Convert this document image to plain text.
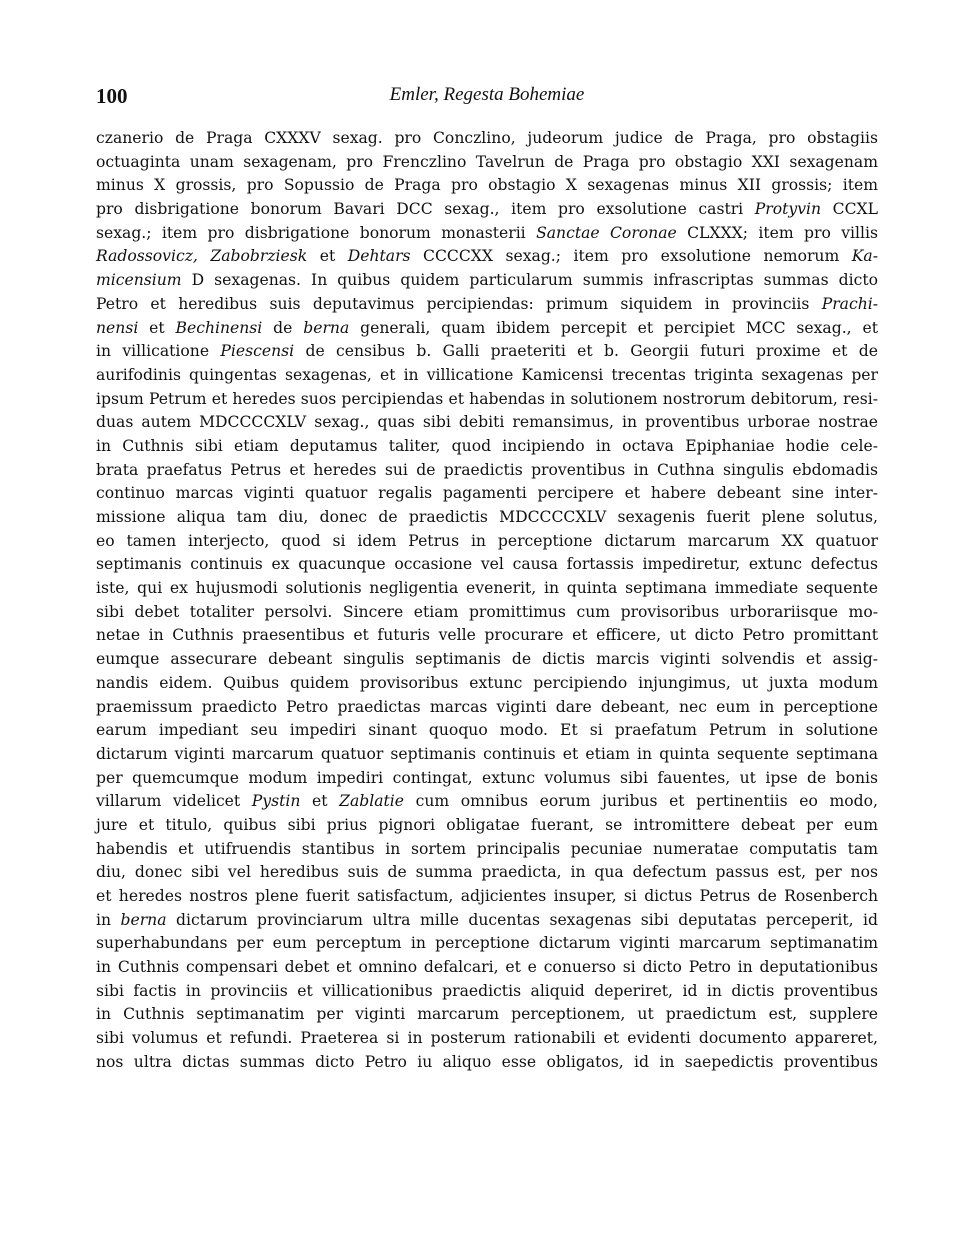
100	Emler, Regesta Bohemiae
czanerio de Praga CXXXV sexag. pro Conczlino, judeorum judice de Praga, pro obstagiis
octuaginta unam sexagenam, pro Frenczlino Tavelrun de Praga pro obstagio XXI sexagenam
minus X grossis, pro Sopussio de Praga pro obstagio X sexagenas minus XII grossis; item
pro disbrigatione bonorum Bavari DCC sexag., item pro exsolutione castri Protyvin CCXL
sexag.; item pro disbrigatione bonorum monasterii Sanctae Coronae CLXXX; item pro villis
Radossovicz, Zabobrziesk et Dehtars CCCCXX sexag.; item pro exsolutione nemorum Ka-
micensium D sexagenas. In quibus quidem particularum summis infrascriptas summas dicto
Petro et heredibus suis deputavimus percipiendas: primum siquidem in provinciis Prachi-
nensi et Bechinensi de berna generali, quam ibidem percepit et percipiet MCC sexag., et
in villicatione Piescensi de censibus b. Galli praeteriti et b. Georgii futuri proxime et de
aurifodinis quingentas sexagenas, et in villicatione Kamicensi trecentas triginta sexagenas per
ipsum Petrum et heredes suos percipiendas et habendas in solutionem nostrorum debitorum, resi-
duas autem MDCCCCXLV sexag., quas sibi debiti remansimus, in proventibus urborae nostrae
in Cuthnis sibi etiam deputamus taliter, quod incipiendo in octava Epiphaniae hodie cele-
brata praefatus Petrus et heredes sui de praedictis proventibus in Cuthna singulis ebdomadis
continuo marcas viginti quatuor regalis pagamenti percipere et habere debeant sine inter-
missione aliqua tam diu, donec de praedictis MDCCCCXLV sexagenis fuerit plene solutus,
eo tamen interjecto, quod si idem Petrus in perceptione dictarum marcarum XX quatuor
septimanis continuis ex quacunque occasione vel causa fortassis impediretur, extunc defectus
iste, qui ex hujusmodi solutionis negligentia evenerit, in quinta septimana immediate sequente
sibi debet totaliter persolvi. Sincere etiam promittimus cum provisoribus urborariisque mo-
netae in Cuthnis praesentibus et futuris velle procurare et efficere, ut dicto Petro promittant
eumque assecurare debeant singulis septimanis de dictis marcis viginti solvendis et assig-
nandis eidem. Quibus quidem provisoribus extunc percipiendo injungimus, ut juxta modum
praemissum praedicto Petro praedictas marcas viginti dare debeant, nec eum in perceptione
earum impediant seu impediri sinant quoquo modo. Et si praefatum Petrum in solutione
dictarum viginti marcarum quatuor septimanis continuis et etiam in quinta sequente septimana
per quemcumque modum impediri contingat, extunc volumus sibi fauentes, ut ipse de bonis
villarum videlicet Pystin et Zablatie cum omnibus eorum juribus et pertinentiis eo modo,
jure et titulo, quibus sibi prius pignori obligatae fuerant, se intromittere debeat per eum
habendis et utifruendis stantibus in sortem principalis pecuniae numeratae computatis tam
diu, donec sibi vel heredibus suis de summa praedicta, in qua defectum passus est, per nos
et heredes nostros plene fuerit satisfactum, adjicientes insuper, si dictus Petrus de Rosenberch
in berna dictarum provinciarum ultra mille ducentas sexagenas sibi deputatas perceperit, id
superhabundans per eum perceptum in perceptione dictarum viginti marcarum septimanatim
in Cuthnis compensari debet et omnino defalcari, et e conuerso si dicto Petro in deputationibus
sibi factis in provinciis et villicationibus praedictis aliquid deperiret, id in dictis proventibus
in Cuthnis septimanatim per viginti marcarum perceptionem, ut praedictum est, supplere
sibi volumus et refundi. Praeterea si in posterum rationabili et evidenti documento appareret,
nos ultra dictas summas dicto Petro iu aliquo esse obligatos, id in saepedictis proventibus
